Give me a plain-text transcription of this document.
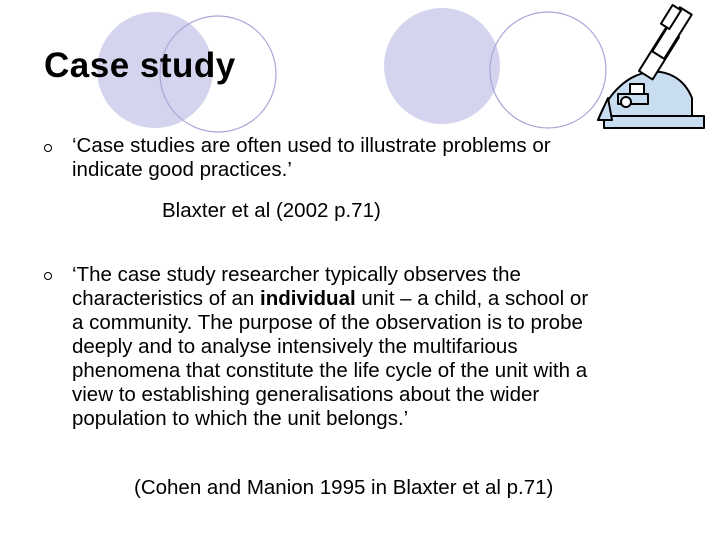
Case study

‘Case studies are often used to illustrate problems or

indicate good practices.’

Blaxter et al (2002 p.71)

‘The case study researcher typically observes the

characteristics of an individual unit – a child, a school or

a community. The purpose of the observation is to probe

deeply and to analyse intensively the multifarious

phenomena that constitute the life cycle of the unit with a

view to establishing generalisations about the wider

population to which the unit belongs.’

(Cohen and Manion 1995 in Blaxter et al p.71)
